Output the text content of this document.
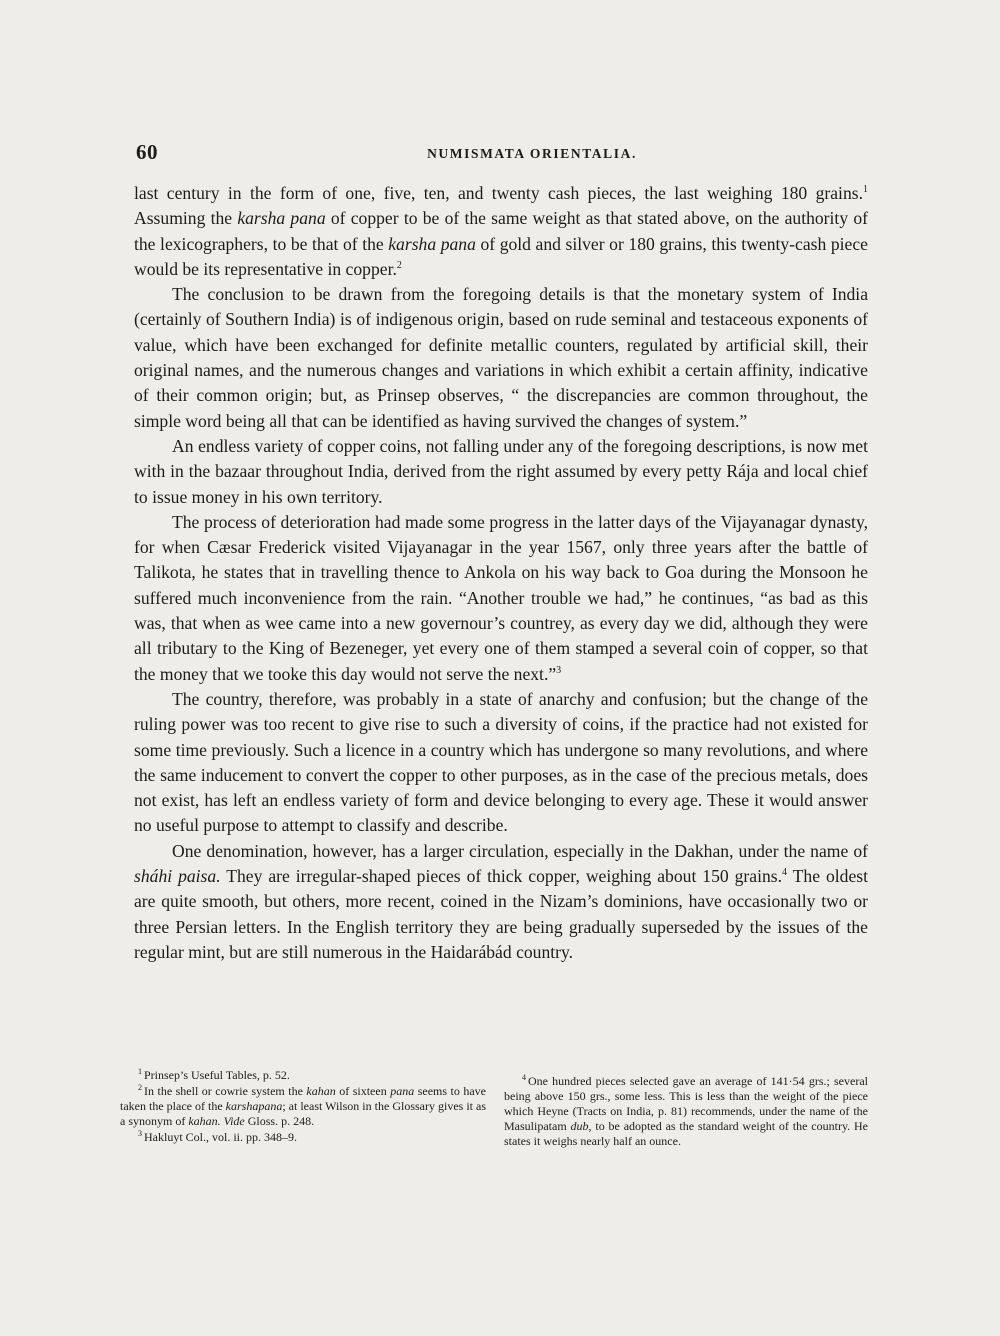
60	NUMISMATA ORIENTALIA.

last century in the form of one, five, ten, and twenty cash pieces, the last weighing 180 grains.$^1$ Assuming the karsha pana of copper to be of the same weight as that stated above, on the authority of the lexicographers, to be that of the karsha pana of gold and silver or 180 grains, this twenty-cash piece would be its representative in copper.$^2$

The conclusion to be drawn from the foregoing details is that the monetary system of India (certainly of Southern India) is of indigenous origin, based on rude seminal and testaceous exponents of value, which have been exchanged for definite metallic counters, regulated by artificial skill, their original names, and the numerous changes and variations in which exhibit a certain affinity, indicative of their common origin; but, as Prinsep observes, “ the discrepancies are common throughout, the simple word being all that can be identified as having survived the changes of system.”

An endless variety of copper coins, not falling under any of the foregoing descriptions, is now met with in the bazaar throughout India, derived from the right assumed by every petty Rája and local chief to issue money in his own territory.

The process of deterioration had made some progress in the latter days of the Vijayanagar dynasty, for when Cæsar Frederick visited Vijayanagar in the year 1567, only three years after the battle of Talikota, he states that in travelling thence to Ankola on his way back to Goa during the Monsoon he suffered much inconvenience from the rain. “Another trouble we had,” he continues, “as bad as this was, that when as wee came into a new governour’s countrey, as every day we did, although they were all tributary to the King of Bezeneger, yet every one of them stamped a several coin of copper, so that the money that we tooke this day would not serve the next.”$^3$

The country, therefore, was probably in a state of anarchy and confusion; but the change of the ruling power was too recent to give rise to such a diversity of coins, if the practice had not existed for some time previously. Such a licence in a country which has undergone so many revolutions, and where the same inducement to convert the copper to other purposes, as in the case of the precious metals, does not exist, has left an endless variety of form and device belonging to every age. These it would answer no useful purpose to attempt to classify and describe.

One denomination, however, has a larger circulation, especially in the Dakhan, under the name of sháhi paisa. They are irregular-shaped pieces of thick copper, weighing about 150 grains.$^4$ The oldest are quite smooth, but others, more recent, coined in the Nizam’s dominions, have occasionally two or three Persian letters. In the English territory they are being gradually superseded by the issues of the regular mint, but are still numerous in the Haidarábád country.

$^1$ Prinsep’s Useful Tables, p. 52.

$^2$ In the shell or cowrie system the kahan of sixteen pana seems to have taken the place of the karshapana; at least Wilson in the Glossary gives it as a synonym of kahan. Vide Gloss. p. 248.

$^3$ Hakluyt Col., vol. ii. pp. 348–9.

$^4$ One hundred pieces selected gave an average of 141·54 grs.; several being above 150 grs., some less. This is less than the weight of the piece which Heyne (Tracts on India, p. 81) recommends, under the name of the Masulipatam dub, to be adopted as the standard weight of the country. He states it weighs nearly half an ounce.
